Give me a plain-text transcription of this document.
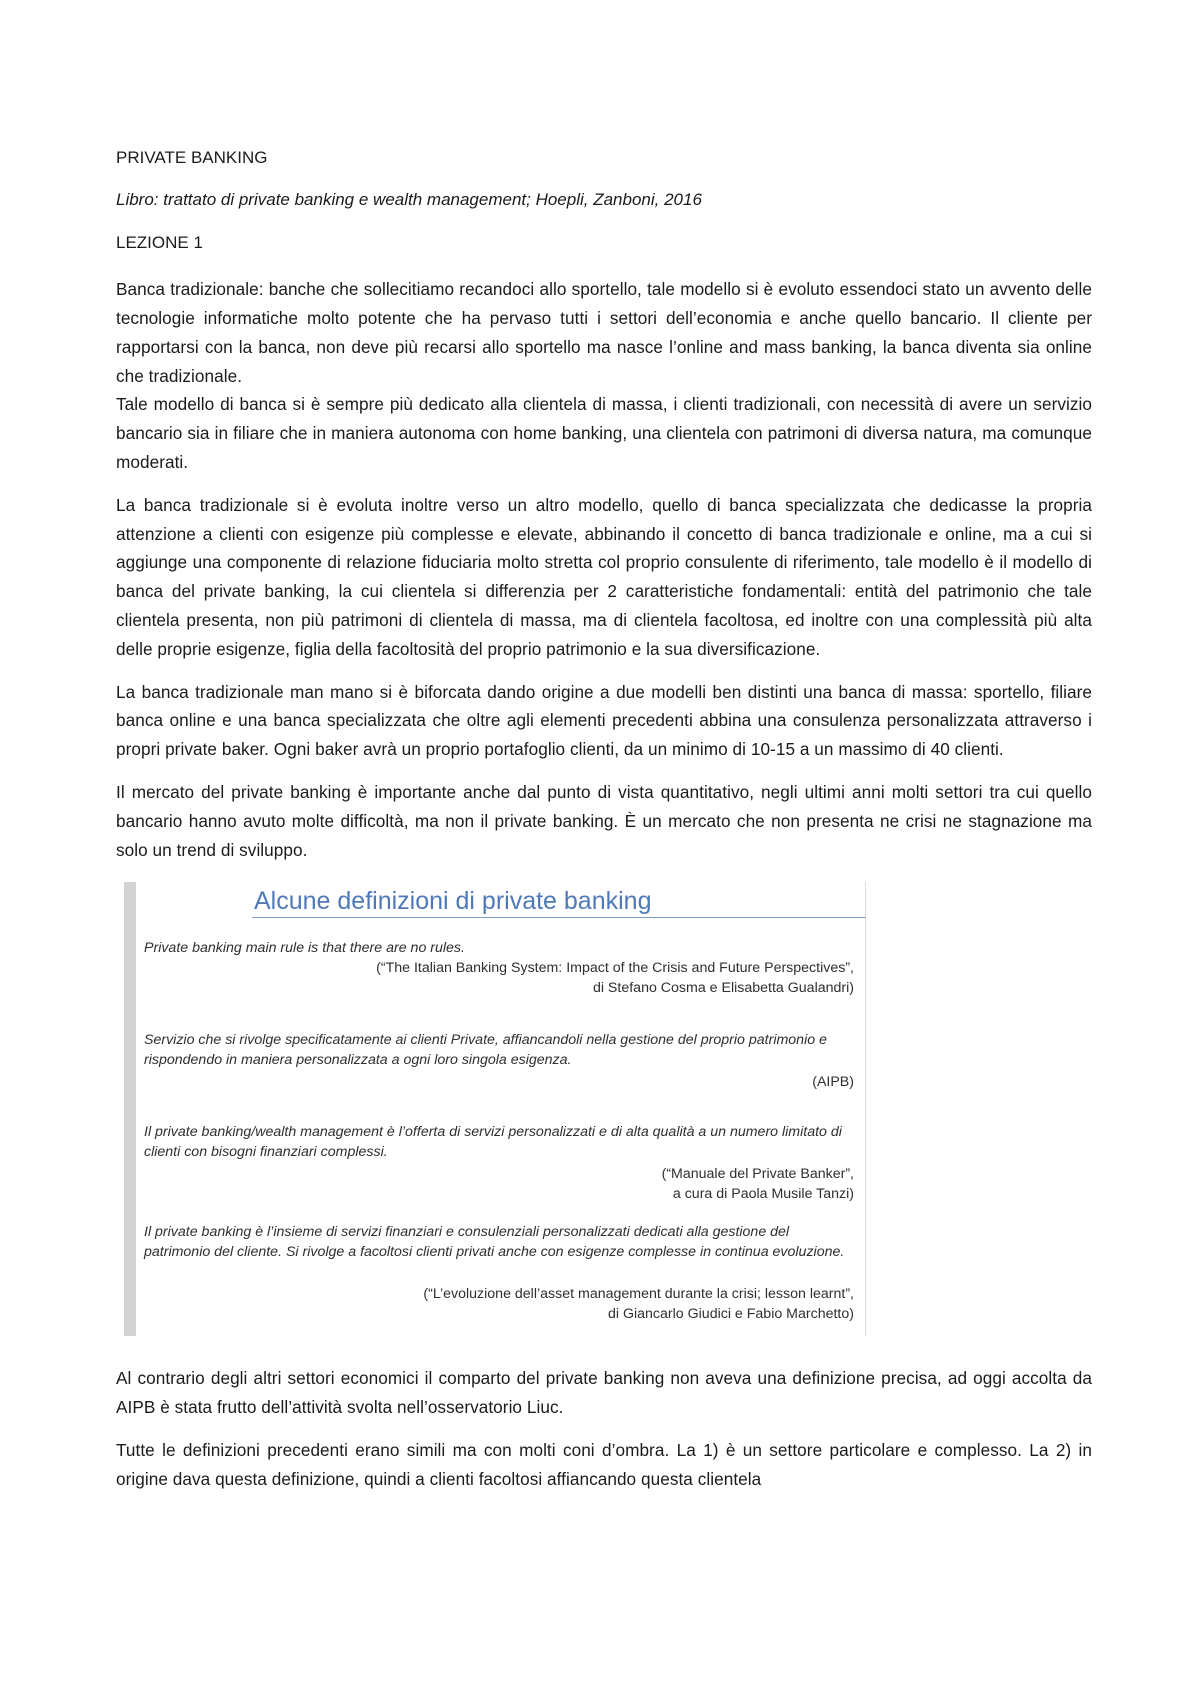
PRIVATE BANKING
Libro: trattato di private banking e wealth management; Hoepli, Zanboni, 2016
LEZIONE 1

Banca tradizionale: banche che sollecitiamo recandoci allo sportello, tale modello si è evoluto essendoci stato un avvento delle tecnologie informatiche molto potente che ha pervaso tutti i settori dell’economia e anche quello bancario. Il cliente per rapportarsi con la banca, non deve più recarsi allo sportello ma nasce l’online and mass banking, la banca diventa sia online che tradizionale.

Tale modello di banca si è sempre più dedicato alla clientela di massa, i clienti tradizionali, con necessità di avere un servizio bancario sia in filiare che in maniera autonoma con home banking, una clientela con patrimoni di diversa natura, ma comunque moderati.

La banca tradizionale si è evoluta inoltre verso un altro modello, quello di banca specializzata che dedicasse la propria attenzione a clienti con esigenze più complesse e elevate, abbinando il concetto di banca tradizionale e online, ma a cui si aggiunge una componente di relazione fiduciaria molto stretta col proprio consulente di riferimento, tale modello è il modello di banca del private banking, la cui clientela si differenzia per 2 caratteristiche fondamentali: entità del patrimonio che tale clientela presenta, non più patrimoni di clientela di massa, ma di clientela facoltosa, ed inoltre con una complessità più alta delle proprie esigenze, figlia della facoltosità del proprio patrimonio e la sua diversificazione.

La banca tradizionale man mano si è biforcata dando origine a due modelli ben distinti una banca di massa: sportello, filiare banca online e una banca specializzata che oltre agli elementi precedenti abbina una consulenza personalizzata attraverso i propri private baker. Ogni baker avrà un proprio portafoglio clienti, da un minimo di 10-15 a un massimo di 40 clienti.

Il mercato del private banking è importante anche dal punto di vista quantitativo, negli ultimi anni molti settori tra cui quello bancario hanno avuto molte difficoltà, ma non il private banking. È un mercato che non presenta ne crisi ne stagnazione ma solo un trend di sviluppo.

Alcune definizioni di private banking
Private banking main rule is that there are no rules.
(“The Italian Banking System: Impact of the Crisis and Future Perspectives”,
di Stefano Cosma e Elisabetta Gualandri)
Servizio che si rivolge specificatamente ai clienti Private, affiancandoli nella gestione del proprio patrimonio e rispondendo in maniera personalizzata a ogni loro singola esigenza.
(AIPB)
Il private banking/wealth management è l’offerta di servizi personalizzati e di alta qualità a un numero limitato di clienti con bisogni finanziari complessi.
(“Manuale del Private Banker”,
a cura di Paola Musile Tanzi)
Il private banking è l’insieme di servizi finanziari e consulenziali personalizzati dedicati alla gestione del patrimonio del cliente. Si rivolge a facoltosi clienti privati anche con esigenze complesse in continua evoluzione.
(“L’evoluzione dell’asset management durante la crisi; lesson learnt”,
di Giancarlo Giudici e Fabio Marchetto)

Al contrario degli altri settori economici il comparto del private banking non aveva una definizione precisa, ad oggi accolta da AIPB è stata frutto dell’attività svolta nell’osservatorio Liuc.

Tutte le definizioni precedenti erano simili ma con molti coni d’ombra. La 1) è un settore particolare e complesso. La 2) in origine dava questa definizione, quindi a clienti facoltosi affiancando questa clientela
